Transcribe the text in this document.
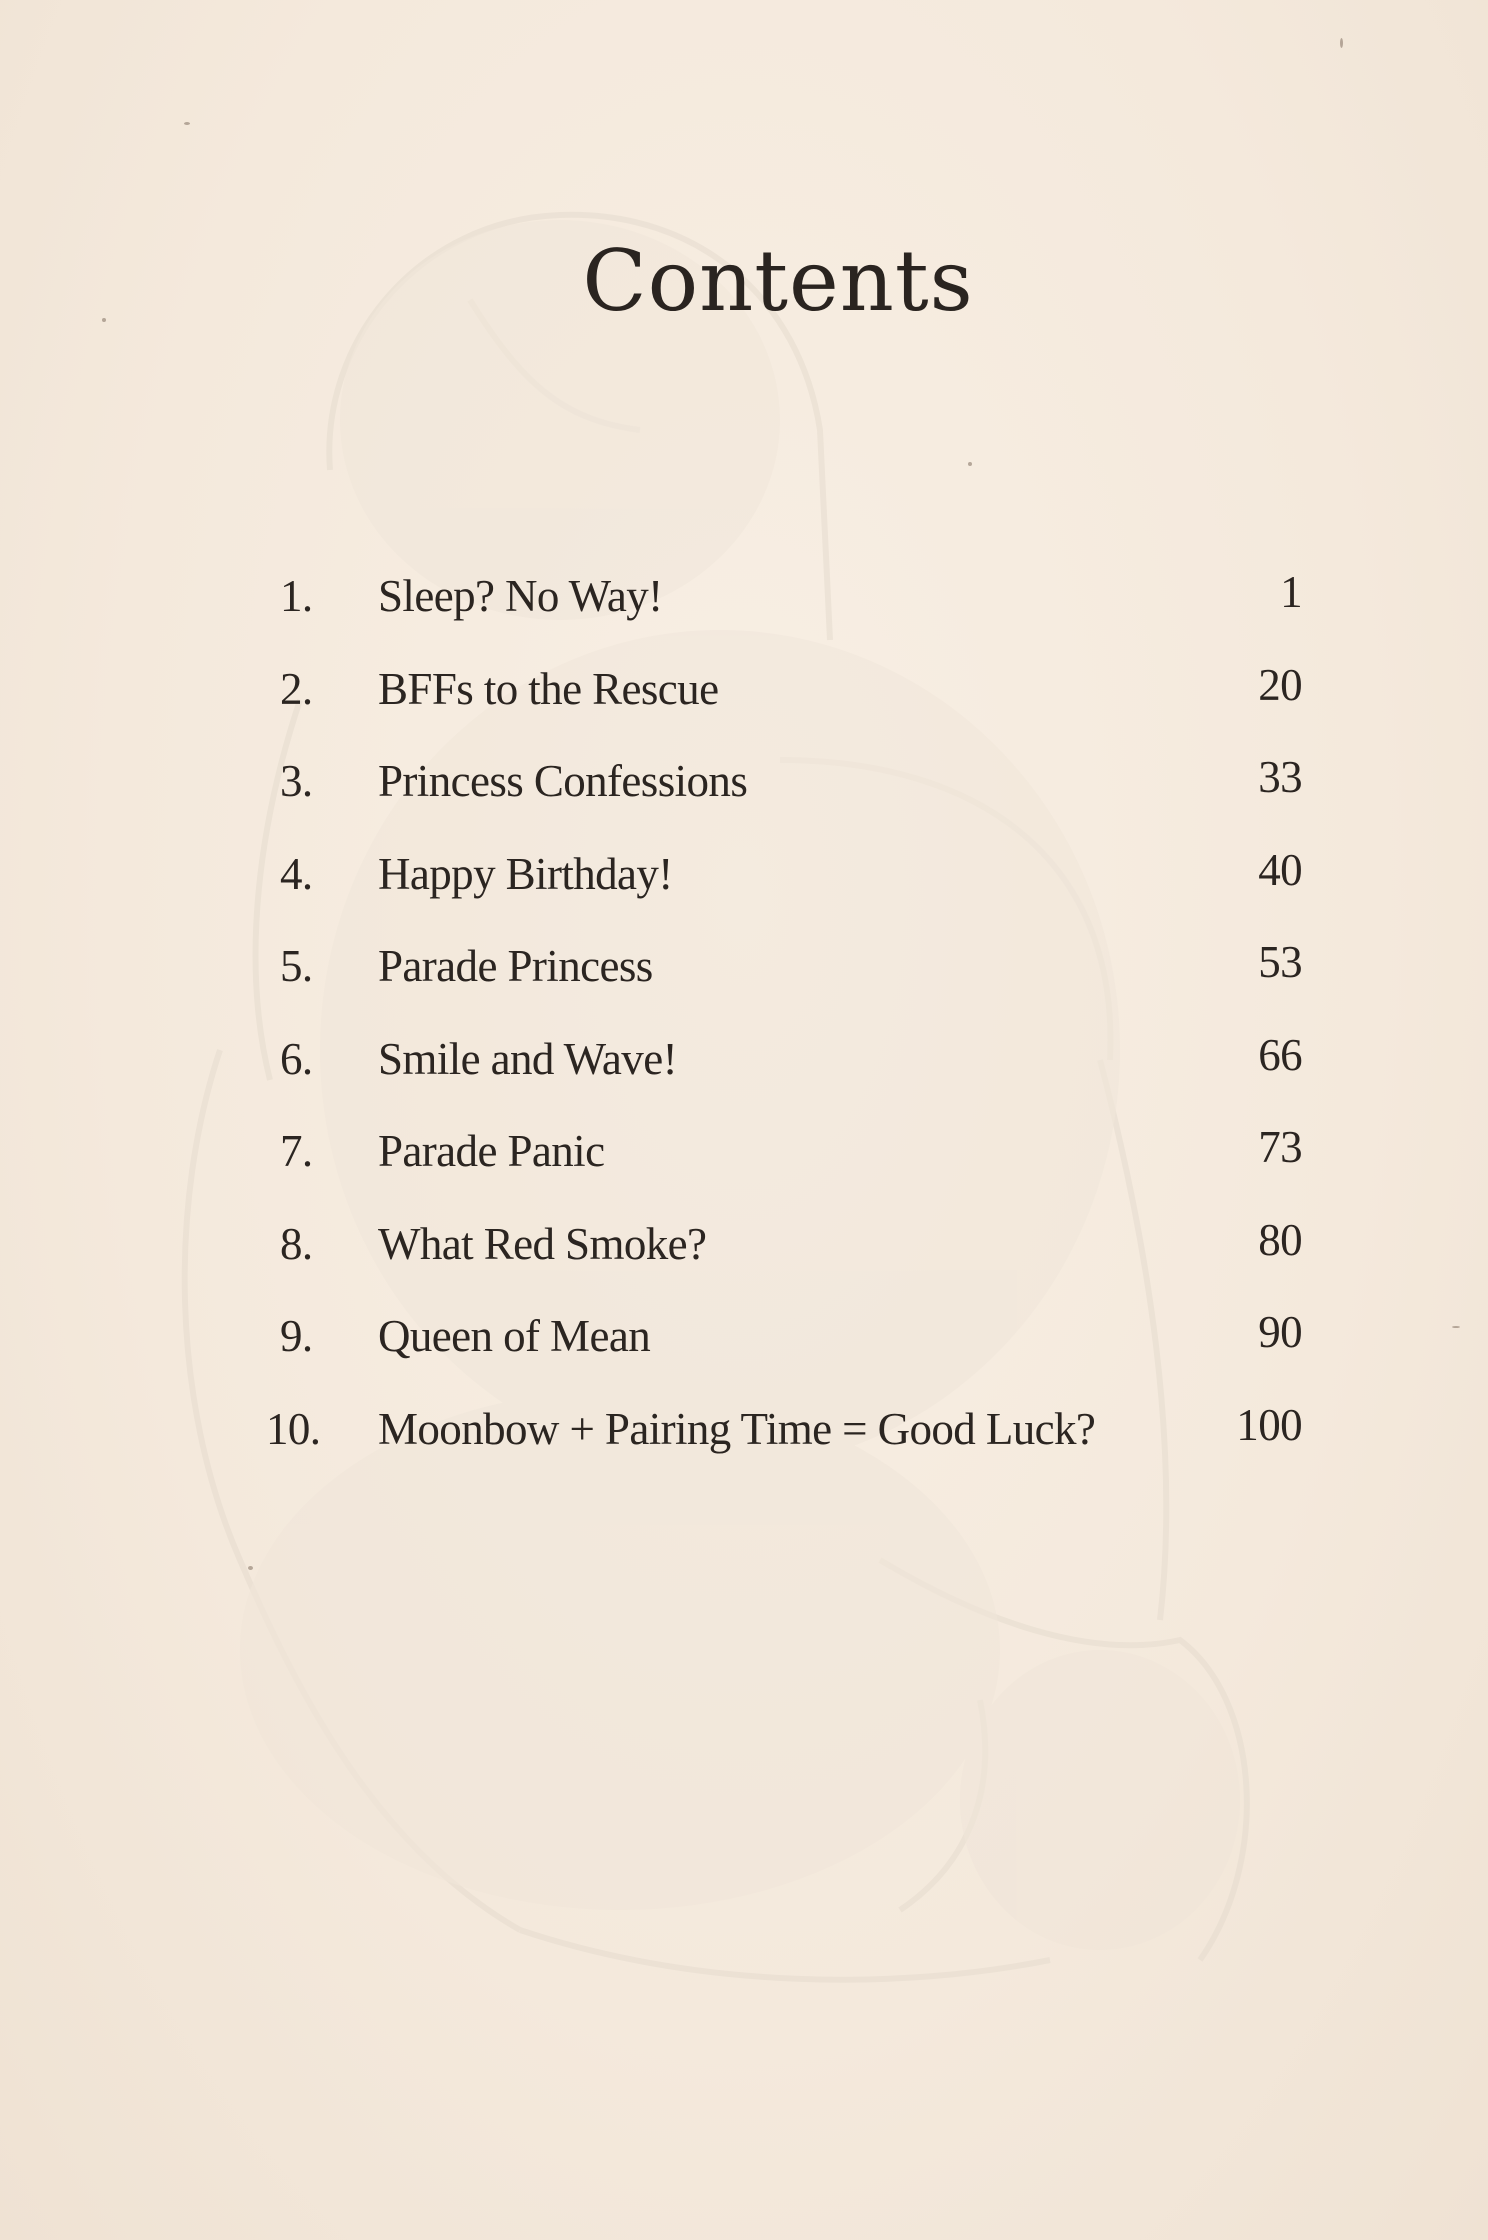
Contents
1. Sleep? No Way!	1
2. BFFs to the Rescue	20
3. Princess Confessions	33
4. Happy Birthday!	40
5. Parade Princess	53
6. Smile and Wave!	66
7. Parade Panic	73
8. What Red Smoke?	80
9. Queen of Mean	90
10. Moonbow + Pairing Time = Good Luck?	100
